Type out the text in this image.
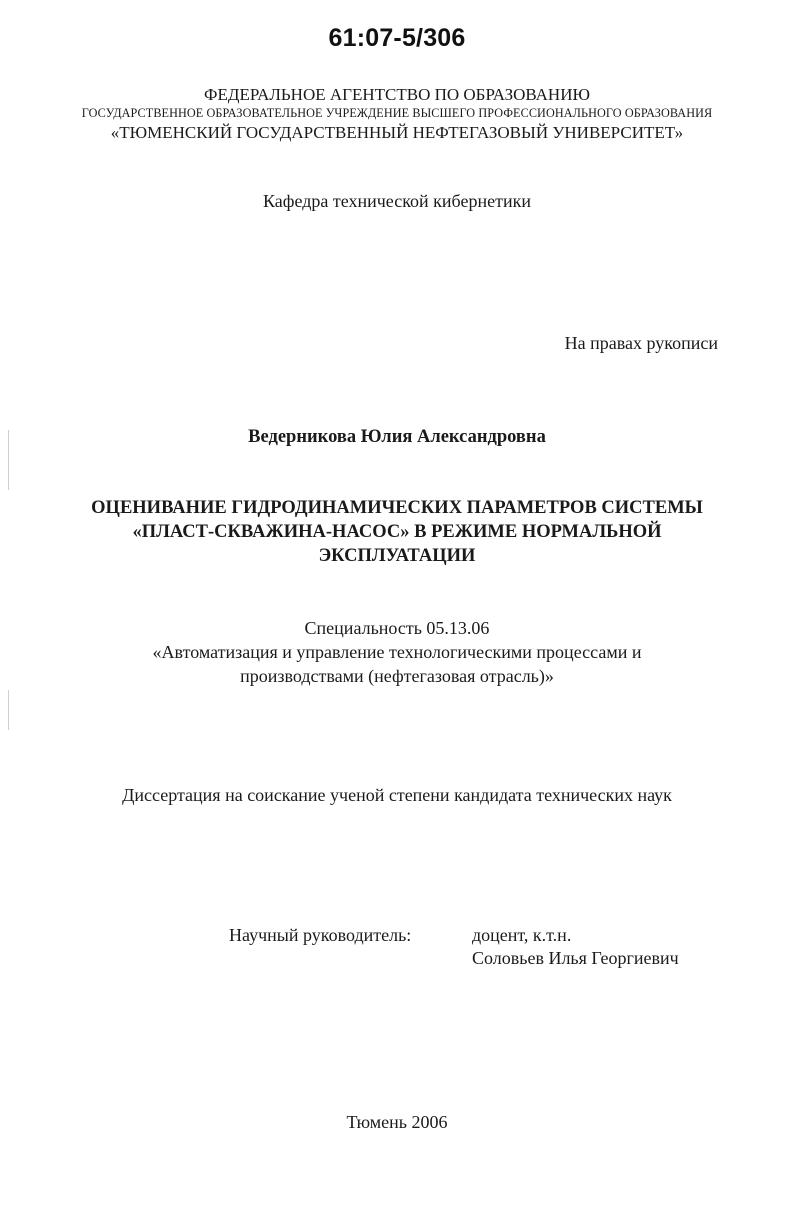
61:07-5/306
ФЕДЕРАЛЬНОЕ АГЕНТСТВО ПО ОБРАЗОВАНИЮ
ГОСУДАРСТВЕННОЕ ОБРАЗОВАТЕЛЬНОЕ УЧРЕЖДЕНИЕ ВЫСШЕГО ПРОФЕССИОНАЛЬНОГО ОБРАЗОВАНИЯ
«ТЮМЕНСКИЙ ГОСУДАРСТВЕННЫЙ НЕФТЕГАЗОВЫЙ УНИВЕРСИТЕТ»
Кафедра технической кибернетики
На правах рукописи
Ведерникова Юлия Александровна
ОЦЕНИВАНИЕ ГИДРОДИНАМИЧЕСКИХ ПАРАМЕТРОВ СИСТЕМЫ
«ПЛАСТ-СКВАЖИНА-НАСОС» В РЕЖИМЕ НОРМАЛЬНОЙ
ЭКСПЛУАТАЦИИ
Специальность 05.13.06
«Автоматизация и управление технологическими процессами и
производствами (нефтегазовая отрасль)»
Диссертация на соискание ученой степени кандидата технических наук
Научный руководитель:	доцент, к.т.н.
Соловьев Илья Георгиевич
Тюмень 2006
